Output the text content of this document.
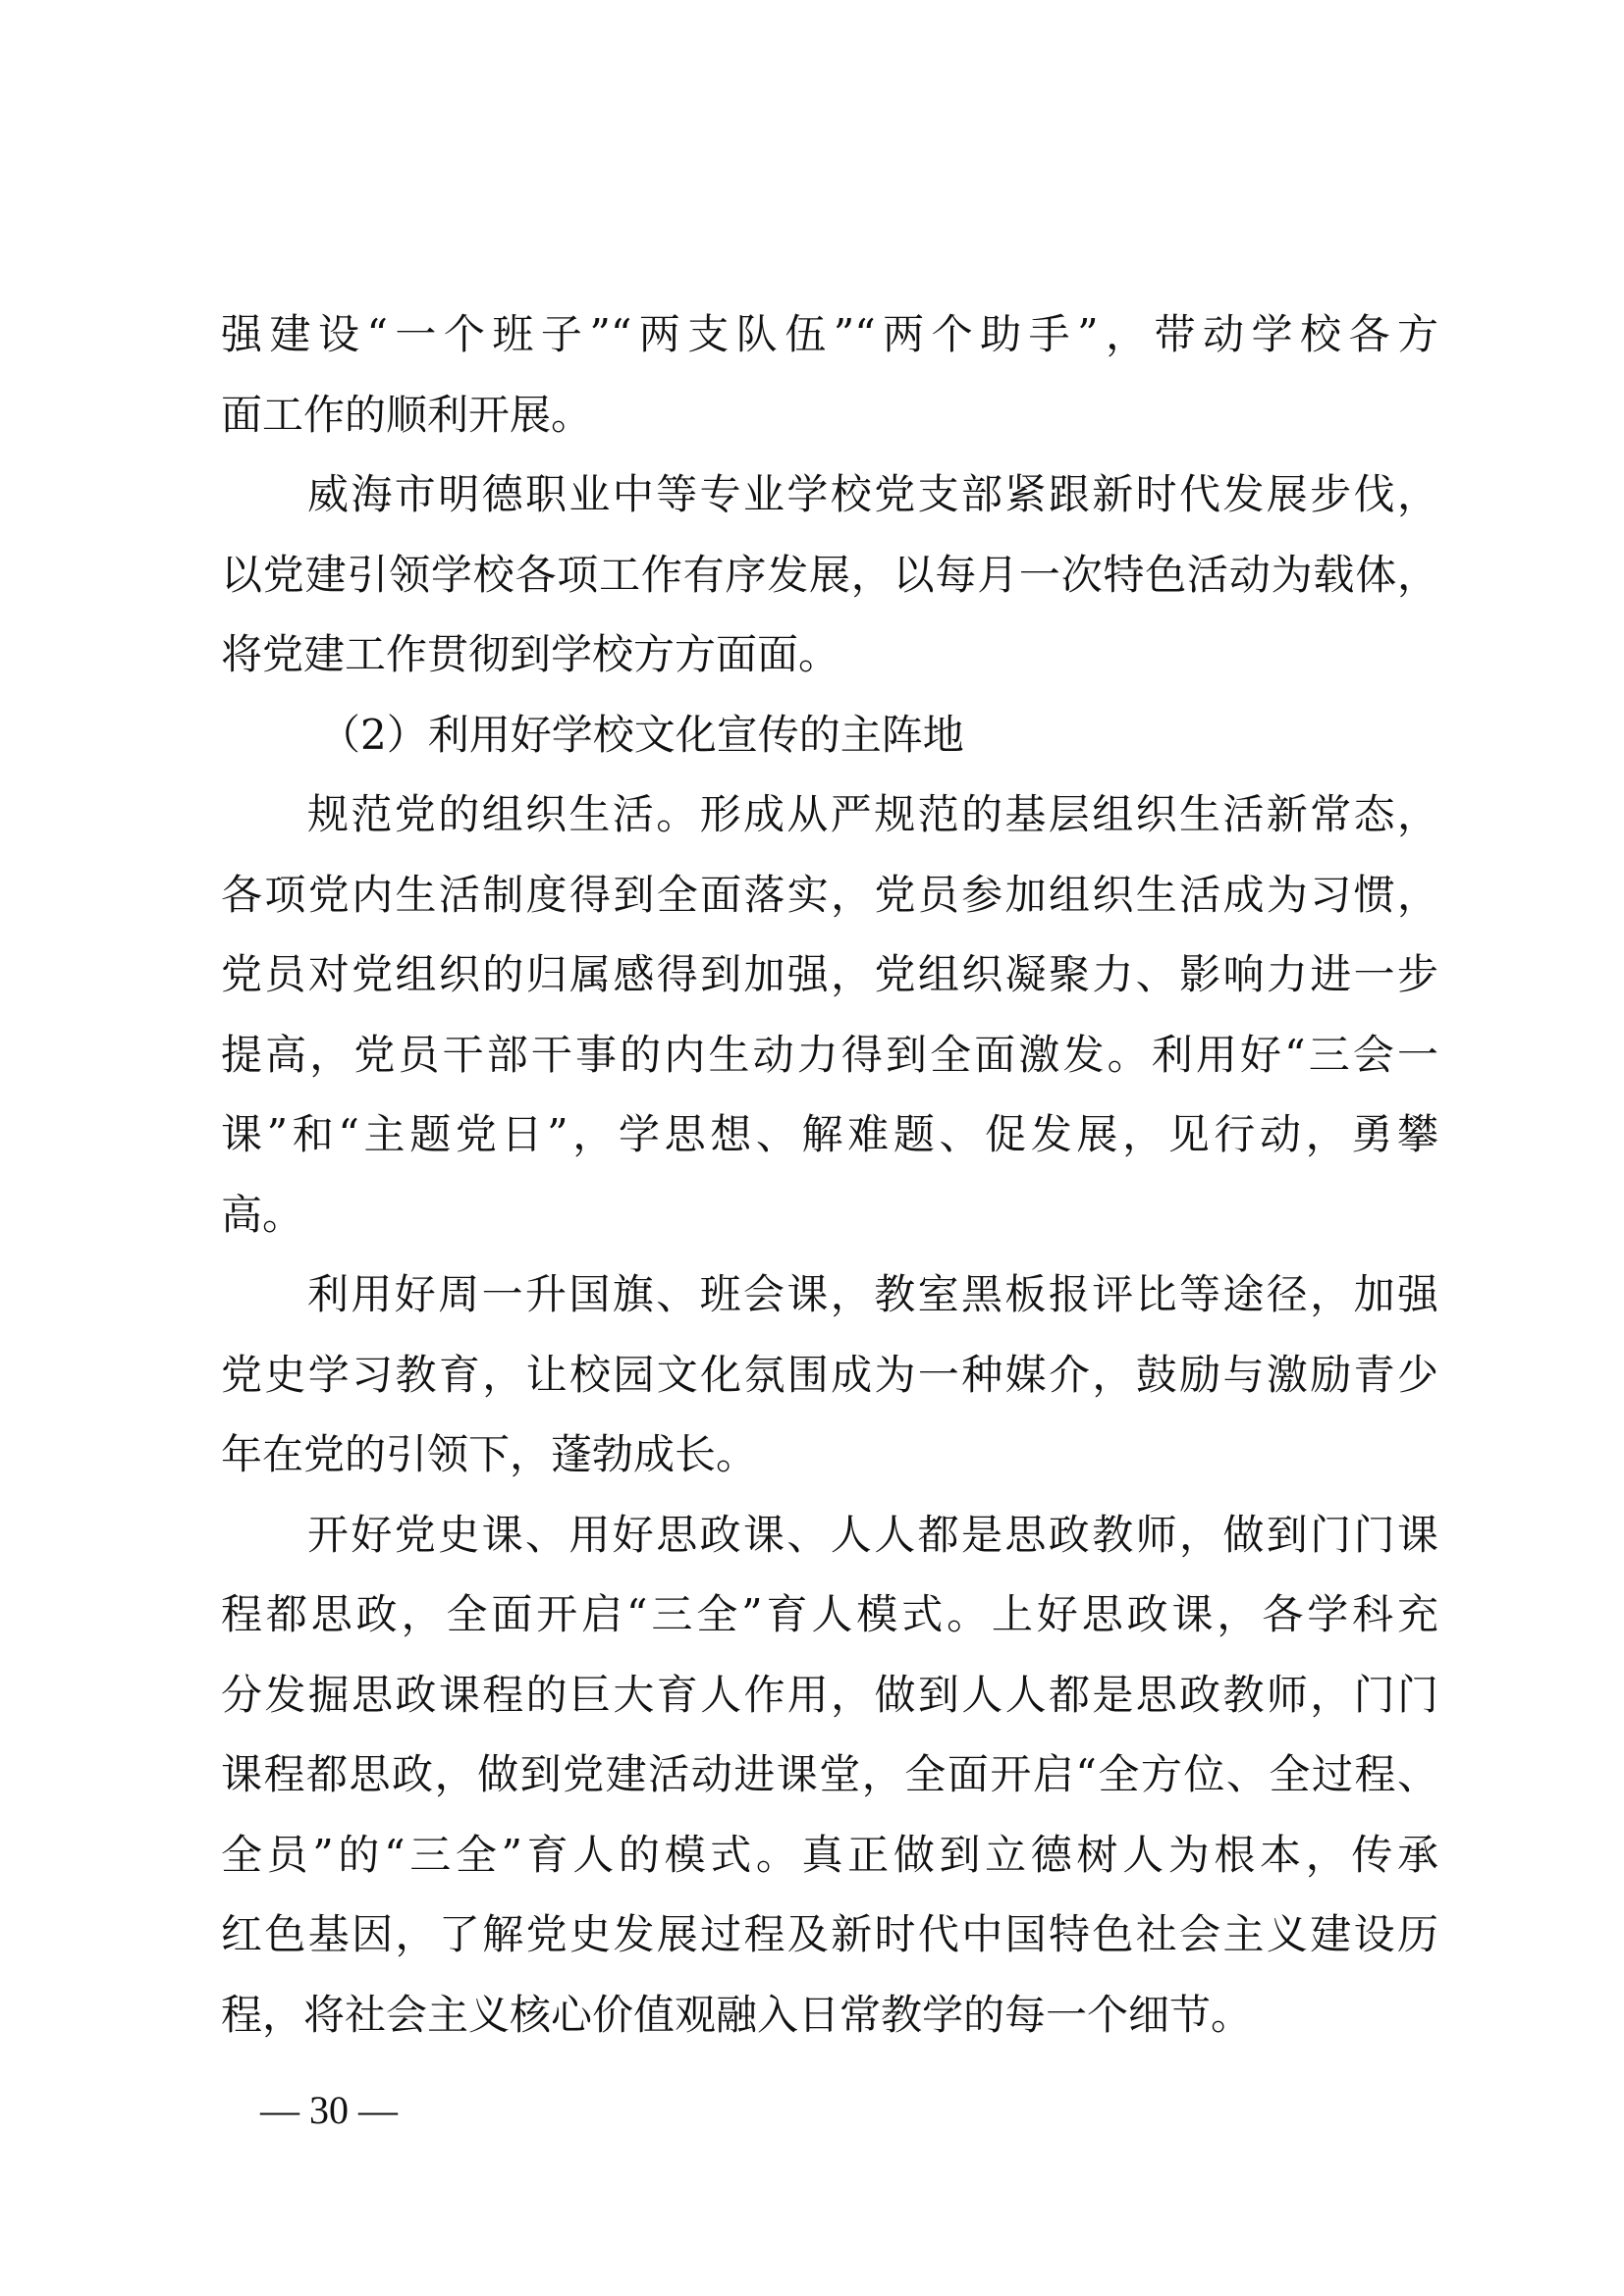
强建设“一个班子”“两支队伍”“两个助手”，带动学校各方
面工作的顺利开展。
威海市明德职业中等专业学校党支部紧跟新时代发展步伐，
以党建引领学校各项工作有序发展，以每月一次特色活动为载体，
将党建工作贯彻到学校方方面面。
（2）利用好学校文化宣传的主阵地
规范党的组织生活。形成从严规范的基层组织生活新常态，
各项党内生活制度得到全面落实，党员参加组织生活成为习惯，
党员对党组织的归属感得到加强，党组织凝聚力、影响力进一步
提高，党员干部干事的内生动力得到全面激发。利用好“三会一
课”和“主题党日”，学思想、解难题、促发展，见行动，勇攀
高。
利用好周一升国旗、班会课，教室黑板报评比等途径，加强
党史学习教育，让校园文化氛围成为一种媒介，鼓励与激励青少
年在党的引领下，蓬勃成长。
开好党史课、用好思政课、人人都是思政教师，做到门门课
程都思政，全面开启“三全”育人模式。上好思政课，各学科充
分发掘思政课程的巨大育人作用，做到人人都是思政教师，门门
课程都思政，做到党建活动进课堂，全面开启“全方位、全过程、
全员”的“三全”育人的模式。真正做到立德树人为根本，传承
红色基因，了解党史发展过程及新时代中国特色社会主义建设历
程，将社会主义核心价值观融入日常教学的每一个细节。
— 30 —
